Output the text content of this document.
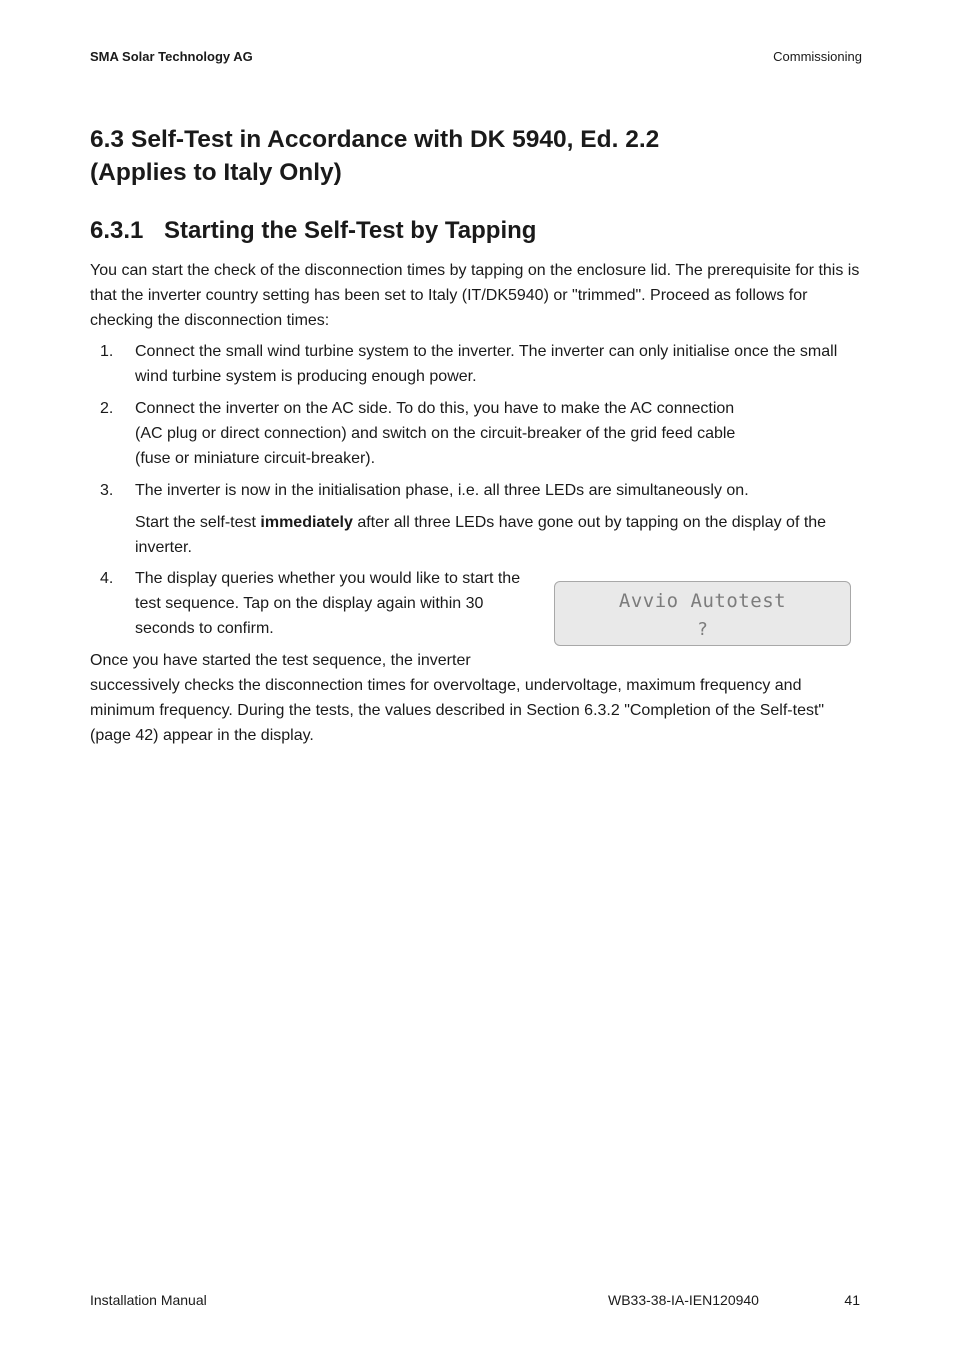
SMA Solar Technology AG	Commissioning
6.3 Self-Test in Accordance with DK 5940, Ed. 2.2
(Applies to Italy Only)
6.3.1 Starting the Self-Test by Tapping
You can start the check of the disconnection times by tapping on the enclosure lid. The prerequisite for this is that the inverter country setting has been set to Italy (IT/DK5940) or "trimmed". Proceed as follows for checking the disconnection times:
1. Connect the small wind turbine system to the inverter. The inverter can only initialise once the small wind turbine system is producing enough power.
2. Connect the inverter on the AC side. To do this, you have to make the AC connection
(AC plug or direct connection) and switch on the circuit-breaker of the grid feed cable
(fuse or miniature circuit-breaker).
3. The inverter is now in the initialisation phase, i.e. all three LEDs are simultaneously on.
Start the self-test immediately after all three LEDs have gone out by tapping on the display of the inverter.
4. The display queries whether you would like to start the test sequence. Tap on the display again within 30 seconds to confirm.
Avvio Autotest
?
Once you have started the test sequence, the inverter
successively checks the disconnection times for overvoltage, undervoltage, maximum frequency and minimum frequency. During the tests, the values described in Section 6.3.2 "Completion of the Self-test" (page 42) appear in the display.
Installation Manual	WB33-38-IA-IEN120940	41
